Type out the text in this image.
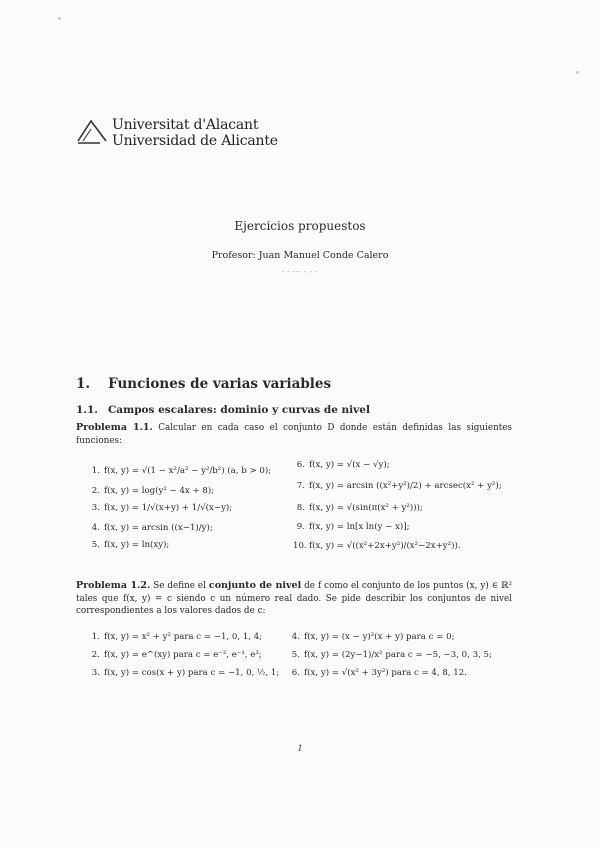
Universitat d'Alacant
Universidad de Alicante
Ejercicios propuestos
Profesor: Juan Manuel Conde Calero
- - -·- - - -
1. Funciones de varias variables
1.1. Campos escalares: dominio y curvas de nivel
Problema 1.1. Calcular en cada caso el conjunto D donde están definidas las siguientes funciones:
1. f(x, y) = √(1 − x²/a² − y²/b²) (a, b > 0);
2. f(x, y) = log(y² − 4x + 8);
3. f(x, y) = 1/√(x+y) + 1/√(x−y);
4. f(x, y) = arcsin ((x−1)/y);
5. f(x, y) = ln(xy);
6. f(x, y) = √(x − √y);
7. f(x, y) = arcsin ((x²+y²)/2) + arcsec(x² + y²);
8. f(x, y) = √(sin(π(x² + y²)));
9. f(x, y) = ln[x ln(y − x)];
10. f(x, y) = √((x²+2x+y²)/(x²−2x+y²)).
Problema 1.2. Se define el conjunto de nivel de f como el conjunto de los puntos (x, y) ∈ ℝ² tales que f(x, y) = c siendo c un número real dado. Se pide describir los conjuntos de nivel correspondientes a los valores dados de c:
1. f(x, y) = x² + y² para c = −1, 0, 1, 4;
2. f(x, y) = e^(xy) para c = e⁻², e⁻¹, e³;
3. f(x, y) = cos(x + y) para c = −1, 0, ½, 1;
4. f(x, y) = (x − y)²(x + y) para c = 0;
5. f(x, y) = (2y−1)/x² para c = −5, −3, 0, 3, 5;
6. f(x, y) = √(x² + 3y²) para c = 4, 8, 12.
1
